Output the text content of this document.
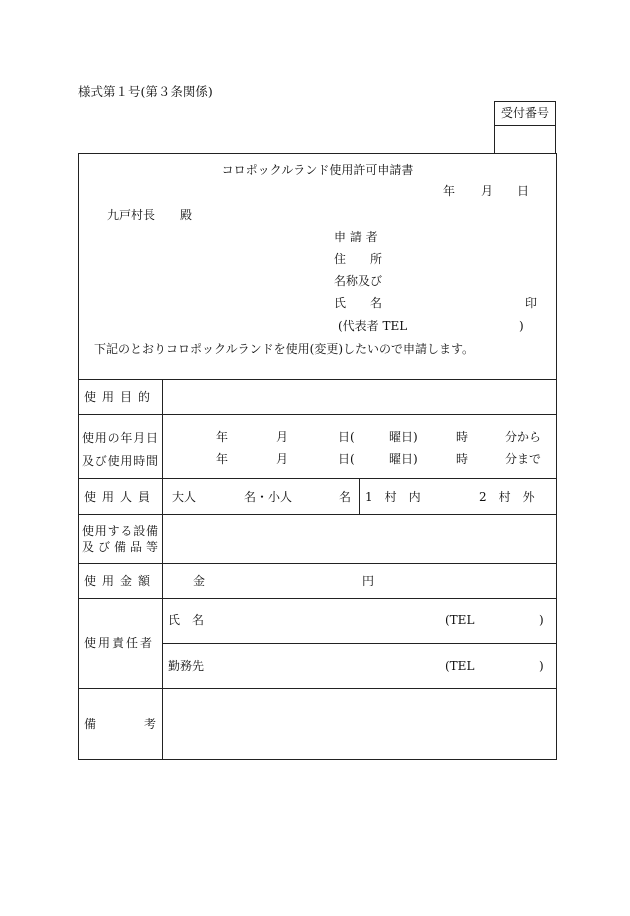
様式第１号(第３条関係)
受付番号
コロポックルランド使用許可申請書
年 月 日
九戸村長 殿
申 請 者
住　　所
名称及び
氏　　名	印
(代表者 TEL	)
下記のとおりコロポックルランドを使用(変更)したいので申請します。
使用目的
使 用 の 年 月 日
及 び 使 用 時 間
年	月	日(	曜日)	時	分から
年	月	日(	曜日)	時	分まで
使用人員 大人	名・小人	名 1　村　内	2　村　外
使 用 す る 設 備
及 び 備 品 等
使用金額	金	円
使用責任者
氏　名	(TEL	)
勤務先	(TEL	)
備	考
